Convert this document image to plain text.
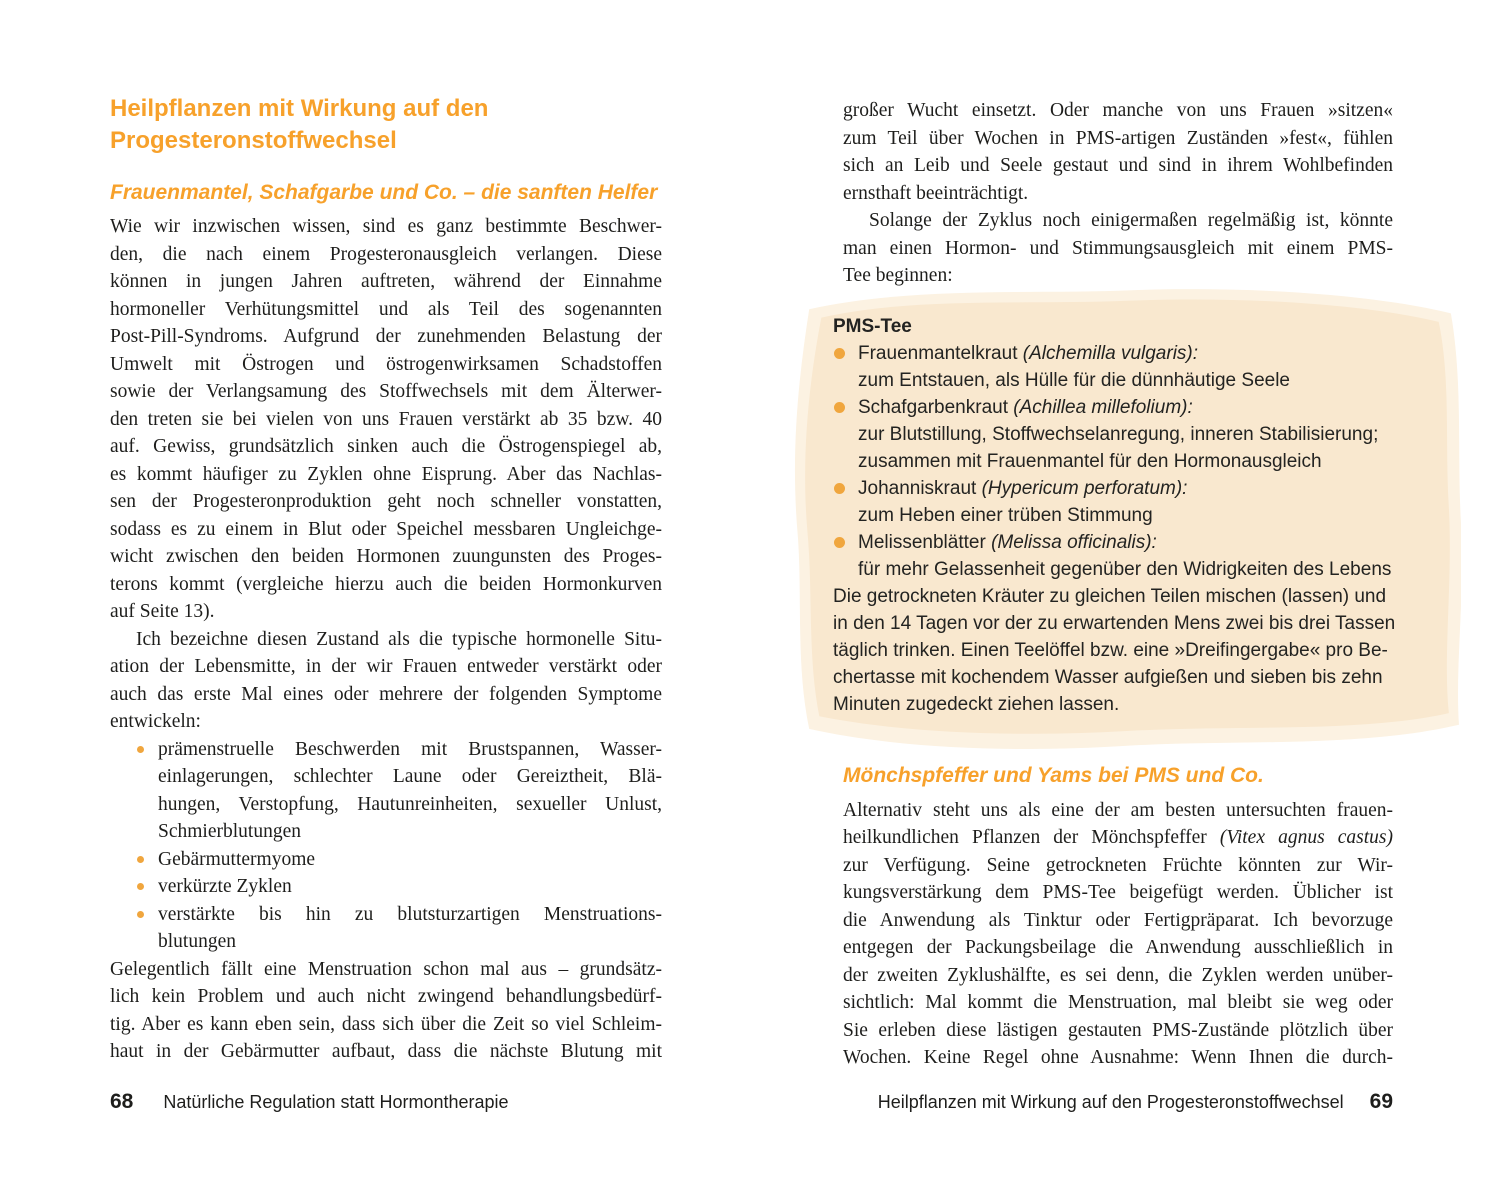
Heilpflanzen mit Wirkung auf den
Progesteronstoffwechsel
Frauenmantel, Schafgarbe und Co. – die sanften Helfer
Wie wir inzwischen wissen, sind es ganz bestimmte Beschwer-
den, die nach einem Progesteronausgleich verlangen. Diese
können in jungen Jahren auftreten, während der Einnahme
hormoneller Verhütungsmittel und als Teil des sogenannten
Post-Pill-Syndroms. Aufgrund der zunehmenden Belastung der
Umwelt mit Östrogen und östrogenwirksamen Schadstoffen
sowie der Verlangsamung des Stoffwechsels mit dem Älterwer-
den treten sie bei vielen von uns Frauen verstärkt ab 35 bzw. 40
auf. Gewiss, grundsätzlich sinken auch die Östrogenspiegel ab,
es kommt häufiger zu Zyklen ohne Eisprung. Aber das Nachlas-
sen der Progesteronproduktion geht noch schneller vonstatten,
sodass es zu einem in Blut oder Speichel messbaren Ungleichge-
wicht zwischen den beiden Hormonen zuungunsten des Proges-
terons kommt (vergleiche hierzu auch die beiden Hormonkurven
auf Seite 13).
Ich bezeichne diesen Zustand als die typische hormonelle Situ-
ation der Lebensmitte, in der wir Frauen entweder verstärkt oder
auch das erste Mal eines oder mehrere der folgenden Symptome
entwickeln:
prämenstruelle Beschwerden mit Brustspannen, Wasser-
einlagerungen, schlechter Laune oder Gereiztheit, Blä-
hungen, Verstopfung, Hautunreinheiten, sexueller Unlust,
Schmierblutungen
Gebärmuttermyome
verkürzte Zyklen
verstärkte bis hin zu blutsturzartigen Menstruations-
blutungen
Gelegentlich fällt eine Menstruation schon mal aus – grundsätz-
lich kein Problem und auch nicht zwingend behandlungsbedürf-
tig. Aber es kann eben sein, dass sich über die Zeit so viel Schleim-
haut in der Gebärmutter aufbaut, dass die nächste Blutung mit
68 Natürliche Regulation statt Hormontherapie
großer Wucht einsetzt. Oder manche von uns Frauen »sitzen«
zum Teil über Wochen in PMS-artigen Zuständen »fest«, fühlen
sich an Leib und Seele gestaut und sind in ihrem Wohlbefinden
ernsthaft beeinträchtigt.
Solange der Zyklus noch einigermaßen regelmäßig ist, könnte
man einen Hormon- und Stimmungsausgleich mit einem PMS-
Tee beginnen:
PMS-Tee
Frauenmantelkraut (Alchemilla vulgaris):
zum Entstauen, als Hülle für die dünnhäutige Seele
Schafgarbenkraut (Achillea millefolium):
zur Blutstillung, Stoffwechselanregung, inneren Stabilisierung;
zusammen mit Frauenmantel für den Hormonausgleich
Johanniskraut (Hypericum perforatum):
zum Heben einer trüben Stimmung
Melissenblätter (Melissa officinalis):
für mehr Gelassenheit gegenüber den Widrigkeiten des Lebens
Die getrockneten Kräuter zu gleichen Teilen mischen (lassen) und
in den 14 Tagen vor der zu erwartenden Mens zwei bis drei Tassen
täglich trinken. Einen Teelöffel bzw. eine »Dreifingergabe« pro Be-
chertasse mit kochendem Wasser aufgießen und sieben bis zehn
Minuten zugedeckt ziehen lassen.
Mönchspfeffer und Yams bei PMS und Co.
Alternativ steht uns als eine der am besten untersuchten frauen-
heilkundlichen Pflanzen der Mönchspfeffer (Vitex agnus castus)
zur Verfügung. Seine getrockneten Früchte könnten zur Wir-
kungsverstärkung dem PMS-Tee beigefügt werden. Üblicher ist
die Anwendung als Tinktur oder Fertigpräparat. Ich bevorzuge
entgegen der Packungsbeilage die Anwendung ausschließlich in
der zweiten Zyklushälfte, es sei denn, die Zyklen werden unüber-
sichtlich: Mal kommt die Menstruation, mal bleibt sie weg oder
Sie erleben diese lästigen gestauten PMS-Zustände plötzlich über
Wochen. Keine Regel ohne Ausnahme: Wenn Ihnen die durch-
Heilpflanzen mit Wirkung auf den Progesteronstoffwechsel 69
